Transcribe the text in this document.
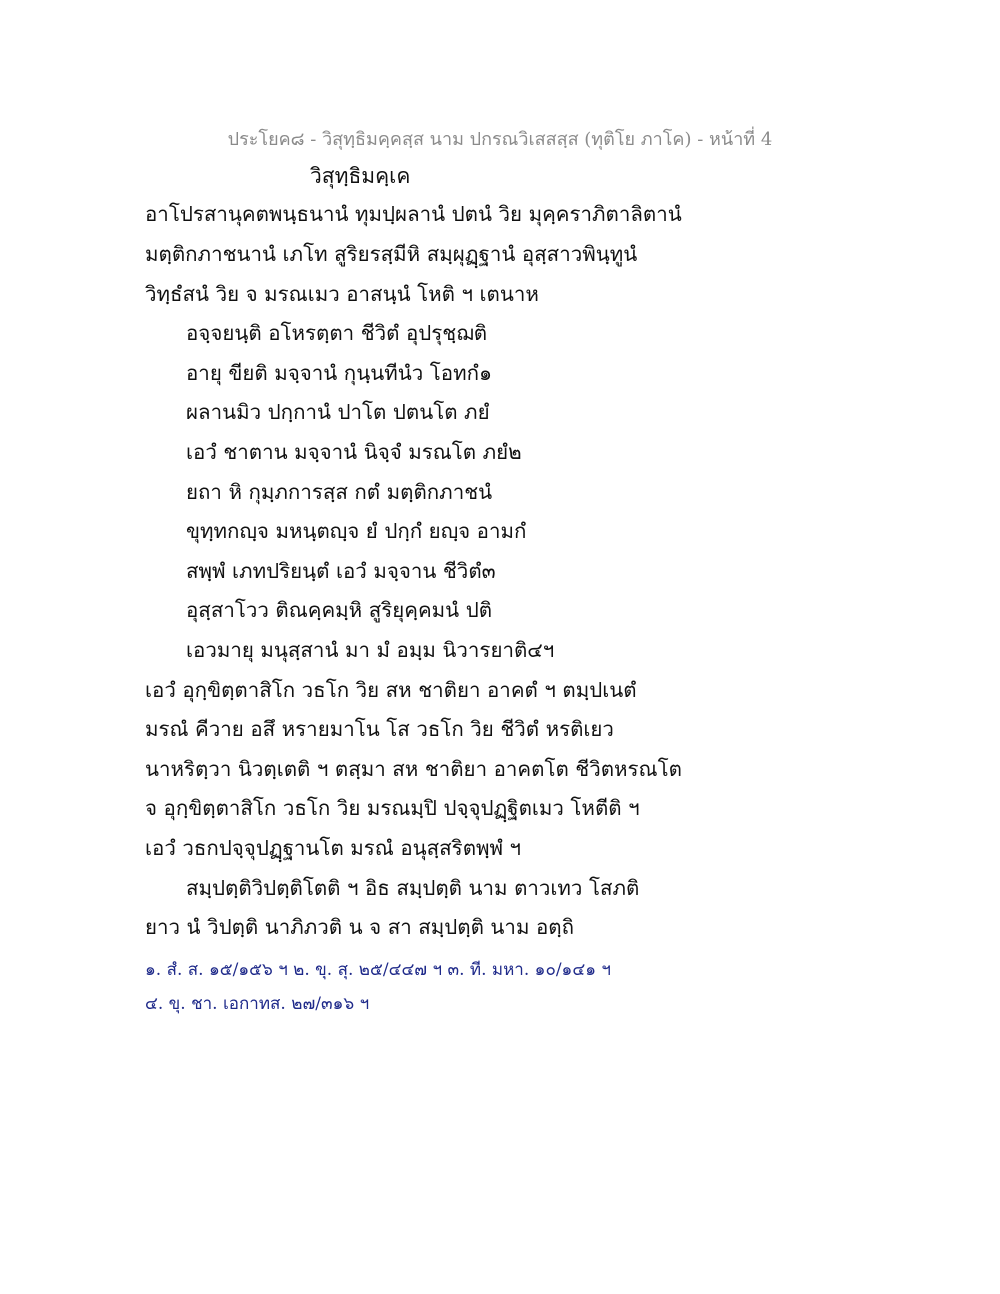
ประโยค๘ - วิสุทฺธิมคฺคสฺส นาม ปกรณวิเสสสฺส (ทุติโย ภาโค) - หน้าที่ 4
วิสุทฺธิมคฺเค
อาโปรสานุคตพนฺธนานํ ทุมปฺผลานํ ปตนํ วิย มุคฺคราภิตาลิตานํ
มตฺติกภาชนานํ เภโท สูริยรสฺมีหิ สมฺผุฏฺฐานํ อุสฺสาวพินฺทูนํ
วิทฺธํสนํ วิย จ มรณเมว อาสนฺนํ โหติ ฯ เตนาห
อจฺจยนฺติ อโหรตฺตา ชีวิตํ อุปรุชฺฌติ
อายุ ขียติ มจฺจานํ กุนฺนทีนํว โอทกํ๑
ผลานมิว ปกฺกานํ ปาโต ปตนโต ภยํ
เอวํ ชาตาน มจฺจานํ นิจฺจํ มรณโต ภยํ๒
ยถา หิ กุมฺภการสฺส กตํ มตฺติกภาชนํ
ขุทฺทกญฺจ มหนฺตญฺจ ยํ ปกฺกํ ยญฺจ อามกํ
สพฺพํ เภทปริยนฺตํ เอวํ มจฺจาน ชีวิตํ๓
อุสฺสาโวว ติณคฺคมฺหิ สูริยุคฺคมนํ ปติ
เอวมายุ มนุสฺสานํ มา มํ อมฺม นิวารยาติ๔ฯ
เอวํ อุกฺขิตฺตาสิโก วธโก วิย สห ชาติยา อาคตํ ฯ ตมฺปเนตํ
มรณํ คีวาย อสึ หรายมาโน โส วธโก วิย ชีวิตํ หรติเยว
นาหริตฺวา นิวตฺเตติ ฯ ตสฺมา สห ชาติยา อาคตโต ชีวิตหรณโต
จ อุกฺขิตฺตาสิโก วธโก วิย มรณมฺปิ ปจฺจุปฏฺฐิตเมว โหตีติ ฯ
เอวํ วธกปจฺจุปฏฺฐานโต มรณํ อนุสฺสริตพฺพํ ฯ
สมฺปตฺติวิปตฺติโตติ ฯ อิธ สมฺปตฺติ นาม ตาวเทว โสภติ
ยาว นํ วิปตฺติ นาภิภวติ น จ สา สมฺปตฺติ นาม อตฺถิ
๑. สํ. ส. ๑๕/๑๕๖ ฯ ๒. ขุ. สุ. ๒๕/๔๔๗ ฯ ๓. ที. มหา. ๑๐/๑๔๑ ฯ
๔. ขุ. ชา. เอกาทส. ๒๗/๓๑๖ ฯ
